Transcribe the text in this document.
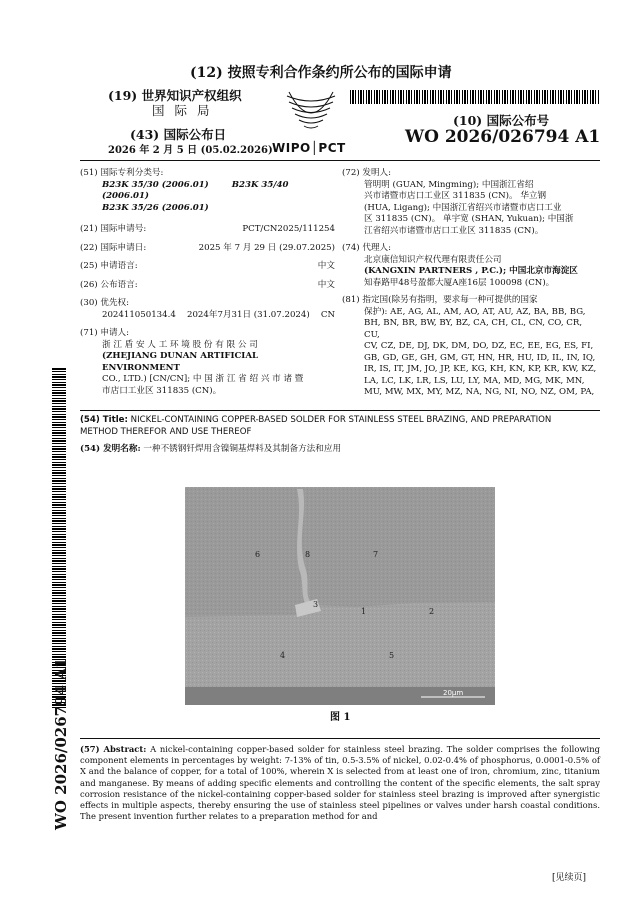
(12) 按照专利合作条约所公布的国际申请
(19) 世界知识产权组织
国 际 局
(43) 国际公布日
2026 年 2 月 5 日 (05.02.2026)
(10) 国际公布号
WO 2026/026794 A1
WIPO│PCT
(51) 国际专利分类号:
B23K 35/30 (2006.01)	B23K 35/40 (2006.01)
B23K 35/26 (2006.01)
(21) 国际申请号:	PCT/CN2025/111254
(22) 国际申请日:	2025 年 7 月 29 日 (29.07.2025)
(25) 申请语言:	中文
(26) 公布语言:	中文
(30) 优先权:
202411050134.4 2024年7月31日 (31.07.2024) CN
(71) 申请人:
浙 江 盾 安 人 工 环 境 股 份 有 限 公 司
(ZHEJIANG DUNAN ARTIFICIAL ENVIRONMENT
CO., LTD.) [CN/CN]; 中 国 浙 江 省 绍 兴 市 诸 暨
市店口工业区 311835 (CN)。
(72) 发明人:
管明明 (GUAN, Mingming); 中国浙江省绍
兴市诸暨市店口工业区 311835 (CN)。 华立钢
(HUA, Ligang); 中国浙江省绍兴市诸暨市店口工业
区 311835 (CN)。 单宇宽 (SHAN, Yukuan); 中国浙
江省绍兴市诸暨市店口工业区 311835 (CN)。
(74) 代理人:
北京康信知识产权代理有限责任公司
(KANGXIN PARTNERS , P.C.); 中国北京市海淀区
知春路甲48号盈都大厦A座16层 100098 (CN)。
(81) 指定国(除另有指明，要求每一种可提供的国家
保护): AE, AG, AL, AM, AO, AT, AU, AZ, BA, BB, BG,
BH, BN, BR, BW, BY, BZ, CA, CH, CL, CN, CO, CR, CU,
CV, CZ, DE, DJ, DK, DM, DO, DZ, EC, EE, EG, ES, FI,
GB, GD, GE, GH, GM, GT, HN, HR, HU, ID, IL, IN, IQ,
IR, IS, IT, JM, JO, JP, KE, KG, KH, KN, KP, KR, KW, KZ,
LA, LC, LK, LR, LS, LU, LY, MA, MD, MG, MK, MN,
MU, MW, MX, MY, MZ, NA, NG, NI, NO, NZ, OM, PA,
(54) Title: NICKEL-CONTAINING COPPER-BASED SOLDER FOR STAINLESS STEEL BRAZING, AND PREPARATION
METHOD THEREFOR AND USE THEREOF
(54) 发明名称: 一种不锈钢钎焊用含镍铜基焊料及其制备方法和应用
6	8	7
3
1	2
4	5
20μm
图 1
(57) Abstract: A nickel-containing copper-based solder for stainless steel brazing. The solder comprises the following component elements in percentages by weight: 7-13% of tin, 0.5-3.5% of nickel, 0.02-0.4% of phosphorus, 0.0001-0.5% of X and the balance of copper, for a total of 100%, wherein X is selected from at least one of iron, chromium, zinc, titanium and manganese. By means of adding specific elements and controlling the content of the specific elements, the salt spray corrosion resistance of the nickel-containing copper-based solder for stainless steel brazing is improved after synergistic effects in multiple aspects, thereby ensuring the use of stainless steel pipelines or valves under harsh coastal conditions. The present invention further relates to a preparation method for and
WO 2026/026794 A1
[见续页]
